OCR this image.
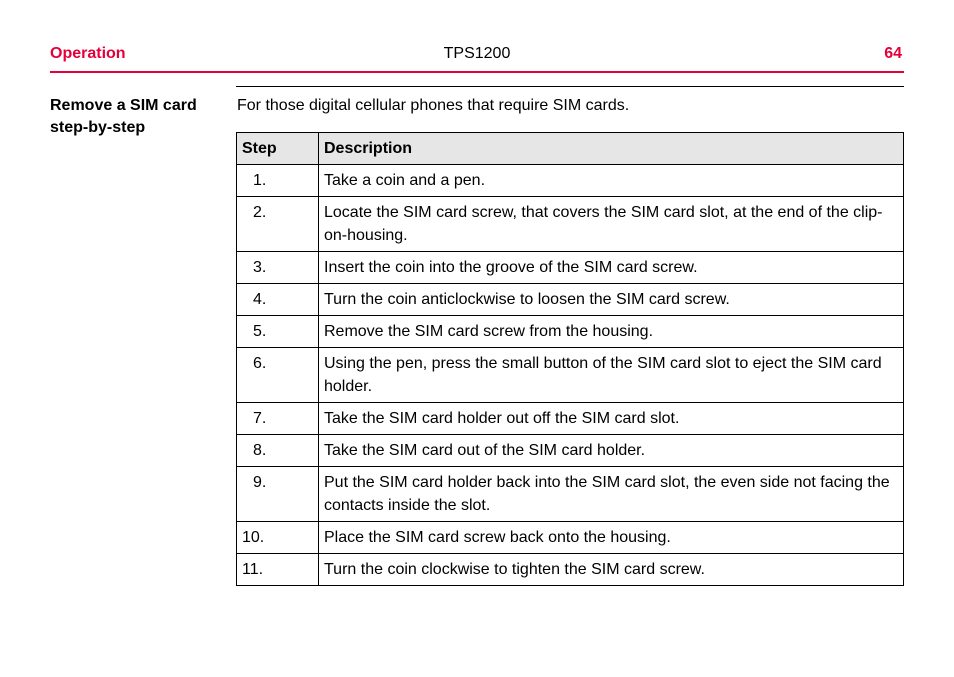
Operation	TPS1200	64
Remove a SIM card step-by-step
For those digital cellular phones that require SIM cards.
Step	Description
1.	Take a coin and a pen.
2.	Locate the SIM card screw, that covers the SIM card slot, at the end of the clip-on-housing.
3.	Insert the coin into the groove of the SIM card screw.
4.	Turn the coin anticlockwise to loosen the SIM card screw.
5.	Remove the SIM card screw from the housing.
6.	Using the pen, press the small button of the SIM card slot to eject the SIM card holder.
7.	Take the SIM card holder out off the SIM card slot.
8.	Take the SIM card out of the SIM card holder.
9.	Put the SIM card holder back into the SIM card slot, the even side not facing the contacts inside the slot.
10.	Place the SIM card screw back onto the housing.
11.	Turn the coin clockwise to tighten the SIM card screw.
